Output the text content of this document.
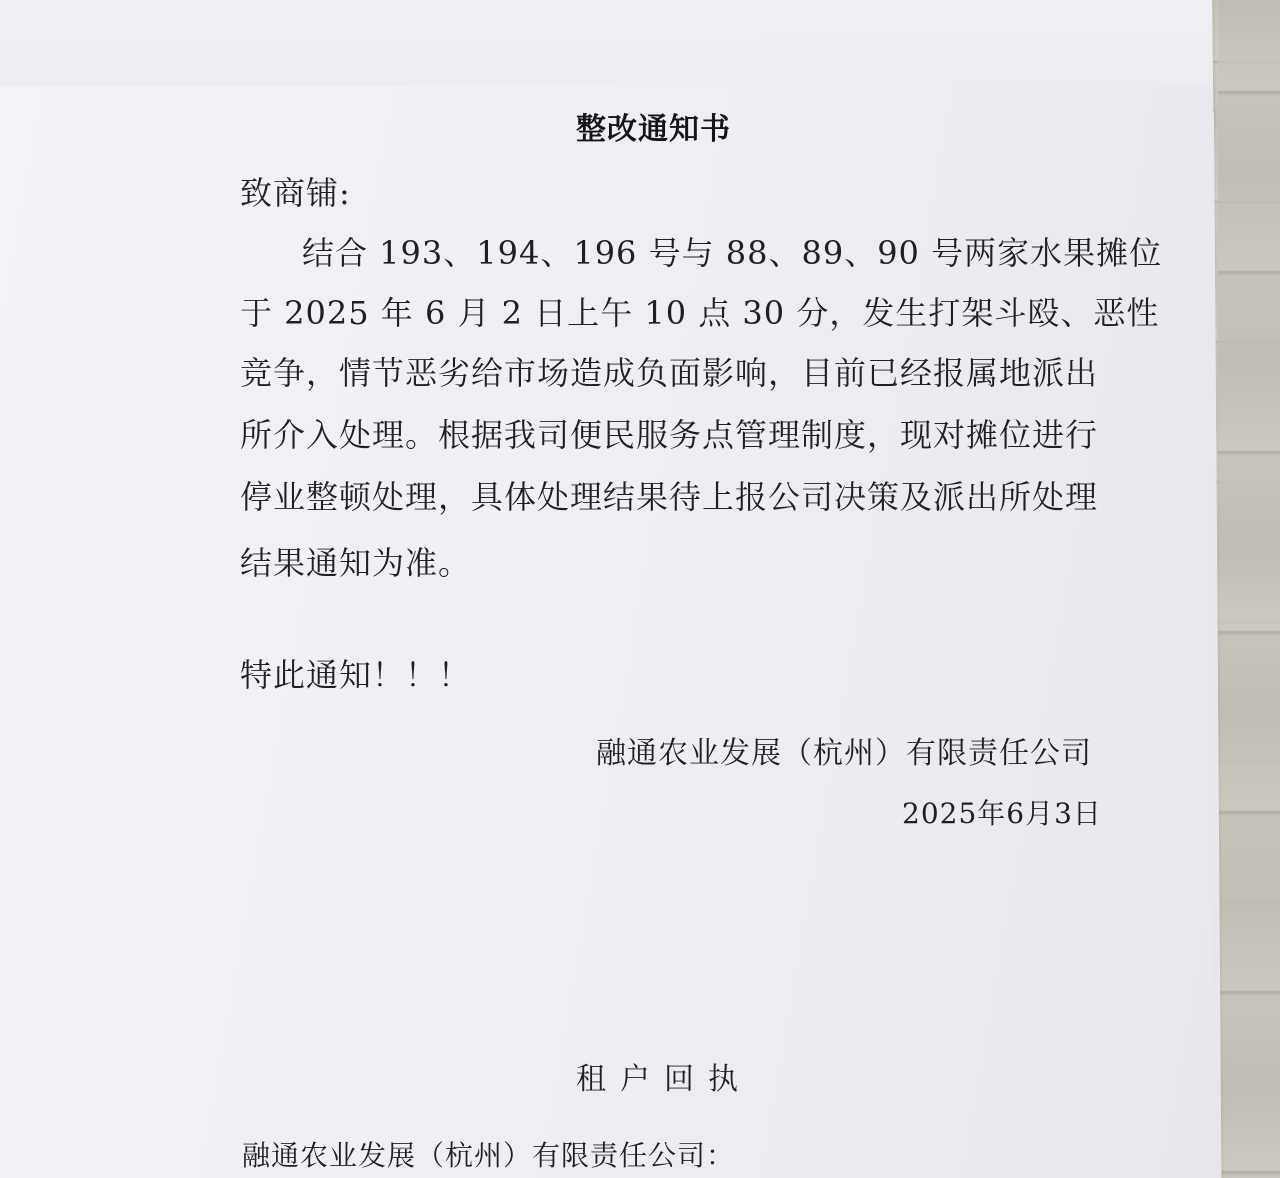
整改通知书
致商铺:
结合 193、194、196 号与 88、89、90 号两家水果摊位
于 2025 年 6 月 2 日上午 10 点 30 分，发生打架斗殴、恶性
竞争，情节恶劣给市场造成负面影响，目前已经报属地派出
所介入处理。根据我司便民服务点管理制度，现对摊位进行
停业整顿处理，具体处理结果待上报公司决策及派出所处理
结果通知为准。
特此通知！！！
融通农业发展（杭州）有限责任公司
2025年6月3日
租户回执
融通农业发展（杭州）有限责任公司：
